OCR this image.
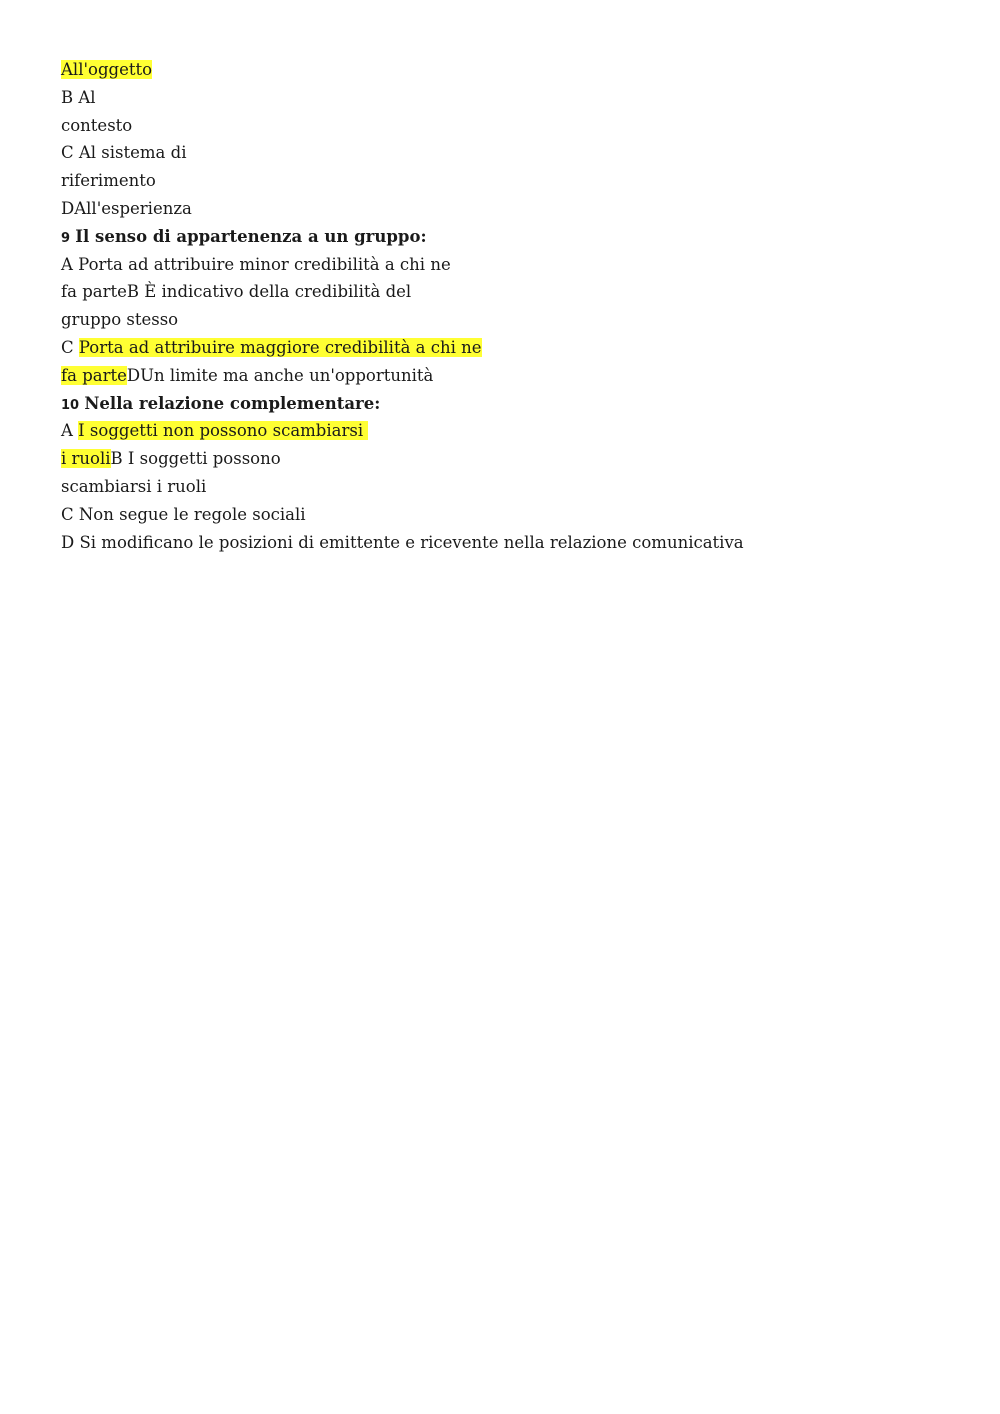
All'oggetto
B Al
contesto
C Al sistema di
riferimento
DAll'esperienza
9 Il senso di appartenenza a un gruppo:
A Porta ad attribuire minor credibilità a chi ne
fa parteB È indicativo della credibilità del
gruppo stesso
C Porta ad attribuire maggiore credibilità a chi ne
fa parteDUn limite ma anche un'opportunità
10 Nella relazione complementare:
A I soggetti non possono scambiarsi
i ruoliB I soggetti possono
scambiarsi i ruoli
C Non segue le regole sociali
D Si modificano le posizioni di emittente e ricevente nella relazione comunicativa
